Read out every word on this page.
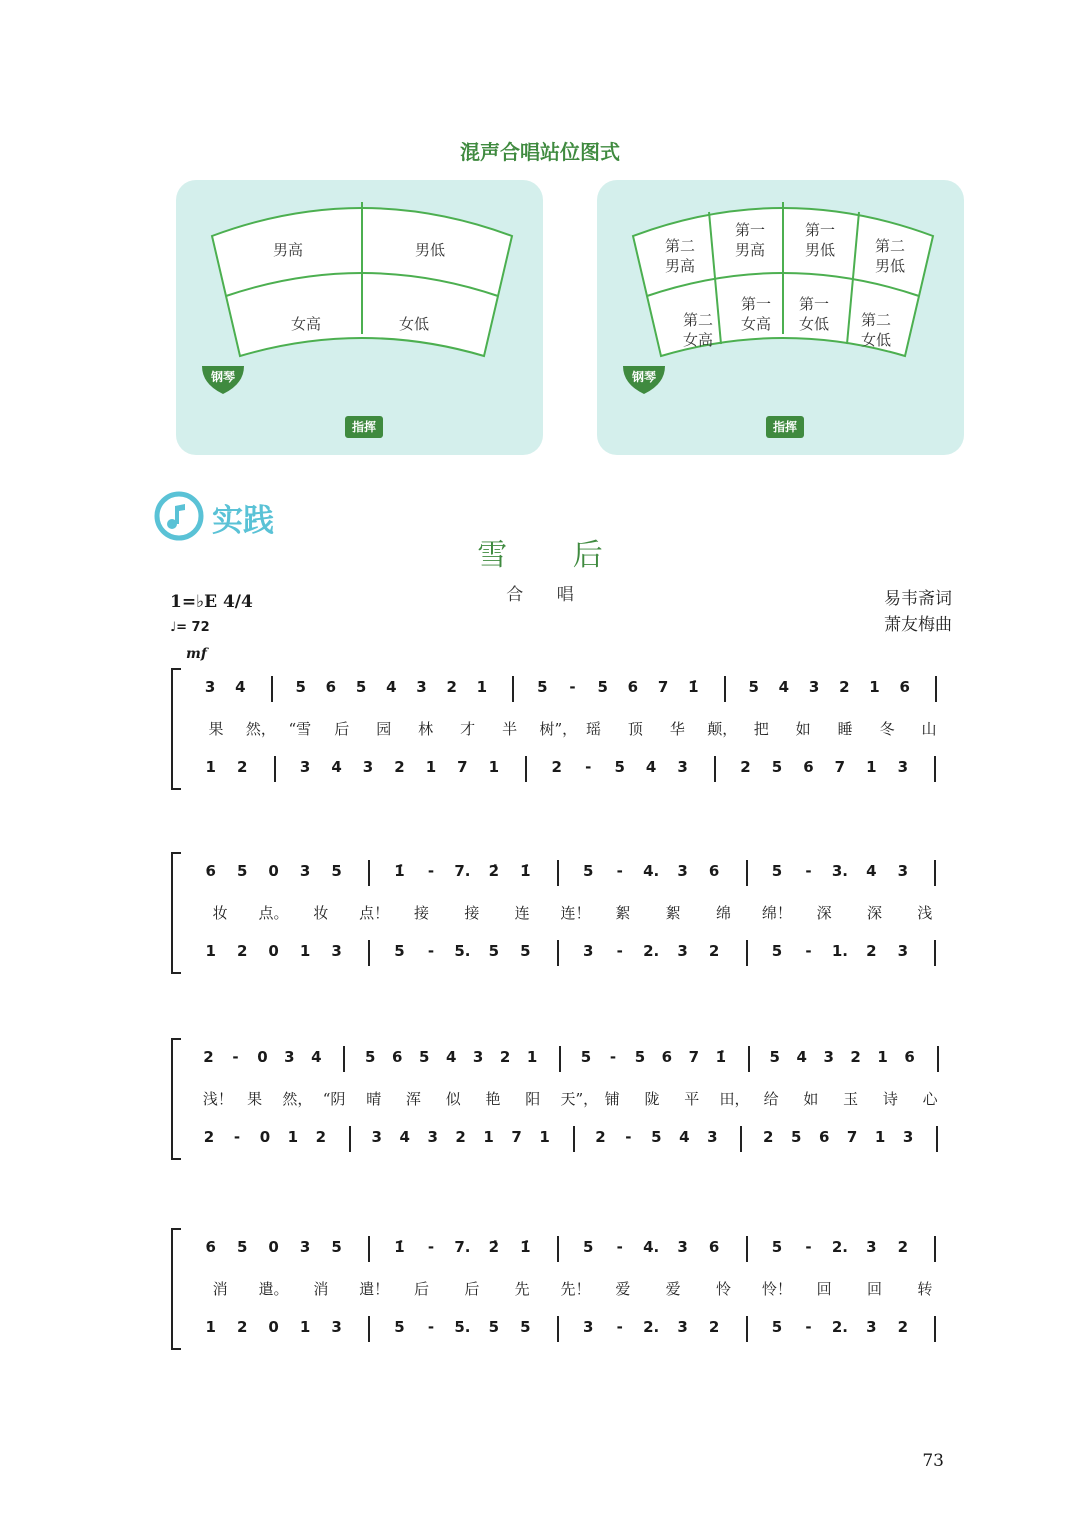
混声合唱站位图式
男高	男低
女高	女低
钢琴
指挥
第二
男高
第一
男高
第一
男低	第二
男低
第二
女高
第一
女高
第一
女低	第二
女低
钢琴
指挥
实践
雪 后
合 唱	易韦斋词
萧友梅曲
1=♭E 4/4
♩= 72
mf
3	4	5	6	5	4	3	2	1	5	-	5	6	7	1̇	5	4	3	2	1	6
1	2	3	4	3	2	1	7	1	2	-	5	4	3	2	5	6	7	1	3
果	然， “雪 后	园	林	才	半	树”， 瑶	顶	华	颠， 把	如	睡	冬	山
6	5	0	3	5	1̇	-	7.	2̇	1̇	5	-	4.	3	6	5	-	3.	4	3
1	2	0	1	3	5	-	5.	5	5	3	-	2.	3	2	5	-	1.	2	3
妆	点。 妆	点！ 接	接	连	连！ 絮	絮	绵	绵！ 深	深	浅
2	-	0	3	4	5	6	5	4	3	2	1	5	-	5	6	7	1̇	5	4	3	2	1	6
2	-	0	1	2	3	4	3	2	1	7	1	2	-	5	4	3	2	5	6	7	1	3
浅！ 果	然， “阴 晴	浑	似	艳	阳	天”， 铺	陇	平	田， 给	如	玉	诗	心
6	5	0	3	5	1̇	-	7.	2̇	1̇	5	-	4.	3	6	5	-	2.	3	2
1	2	0	1	3	5	-	5.	5	5	3	-	2.	3	2	5	-	2.	3	2
消	遣。 消	遣！ 后	后	先	先！ 爱	爱	怜	怜！ 回	回	转
73
